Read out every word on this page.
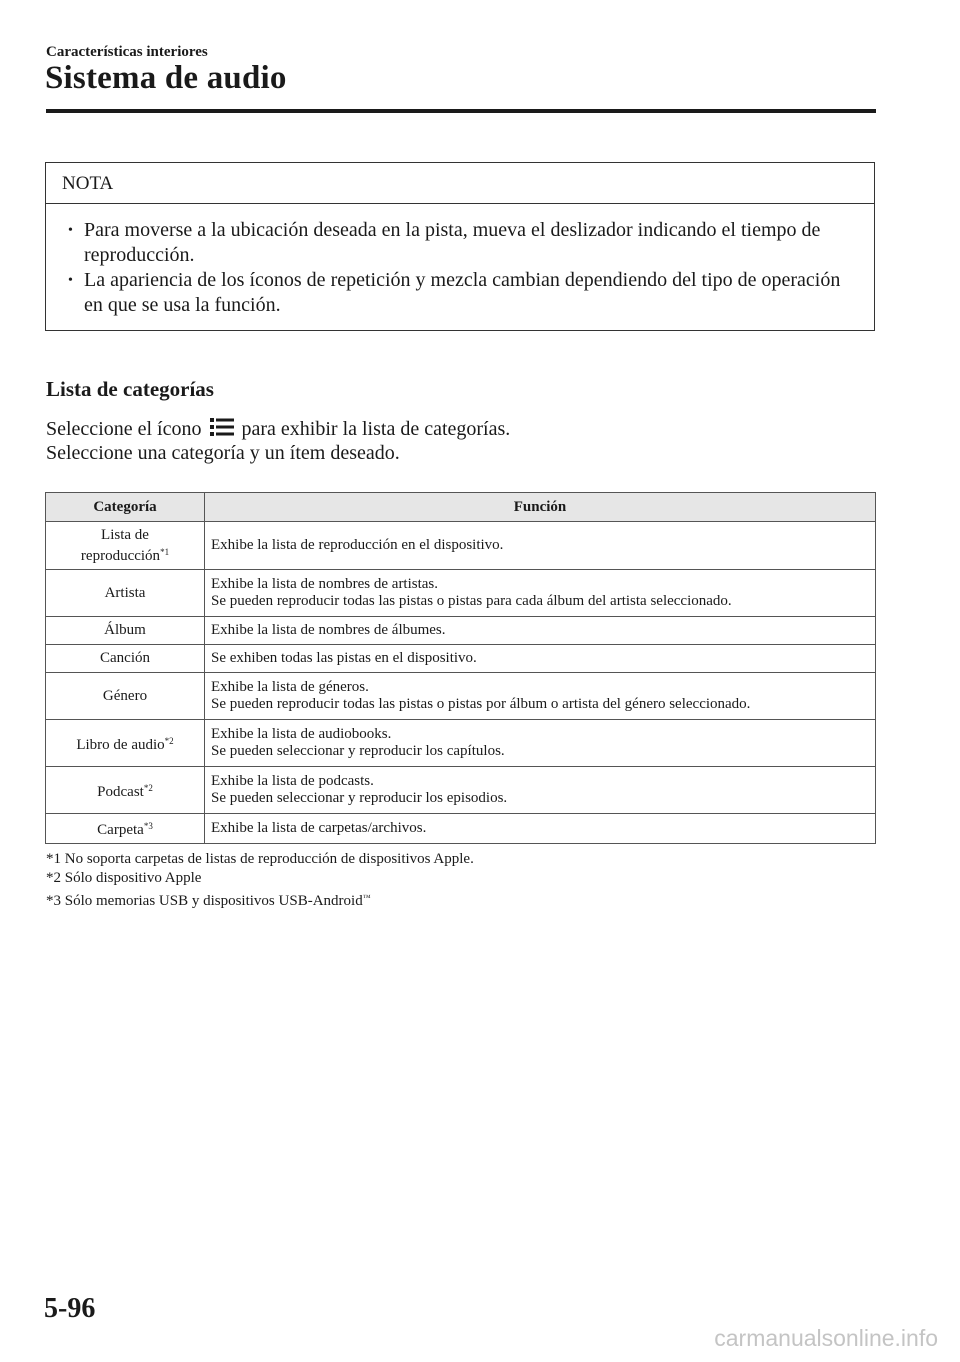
Características interiores
Sistema de audio
NOTA
• Para moverse a la ubicación deseada en la pista, mueva el deslizador indicando el tiempo de reproducción.
• La apariencia de los íconos de repetición y mezcla cambian dependiendo del tipo de operación en que se usa la función.
Lista de categorías
Seleccione el ícono para exhibir la lista de categorías.
Seleccione una categoría y un ítem deseado.
Categoría	Función
Lista de
reproducción$^{*1}$	Exhibe la lista de reproducción en el dispositivo.
Artista	Exhibe la lista de nombres de artistas.
Se pueden reproducir todas las pistas o pistas para cada álbum del artista seleccionado.
Álbum	Exhibe la lista de nombres de álbumes.
Canción	Se exhiben todas las pistas en el dispositivo.
Género	Exhibe la lista de géneros.
Se pueden reproducir todas las pistas o pistas por álbum o artista del género seleccionado.
Libro de audio$^{*2}$	Exhibe la lista de audiobooks.
Se pueden seleccionar y reproducir los capítulos.
Podcast$^{*2}$	Exhibe la lista de podcasts.
Se pueden seleccionar y reproducir los episodios.
Carpeta$^{*3}$	Exhibe la lista de carpetas/archivos.
*1 No soporta carpetas de listas de reproducción de dispositivos Apple.
*2 Sólo dispositivo Apple
*3 Sólo memorias USB y dispositivos USB-Android™
5-96
carmanualsonline.info
